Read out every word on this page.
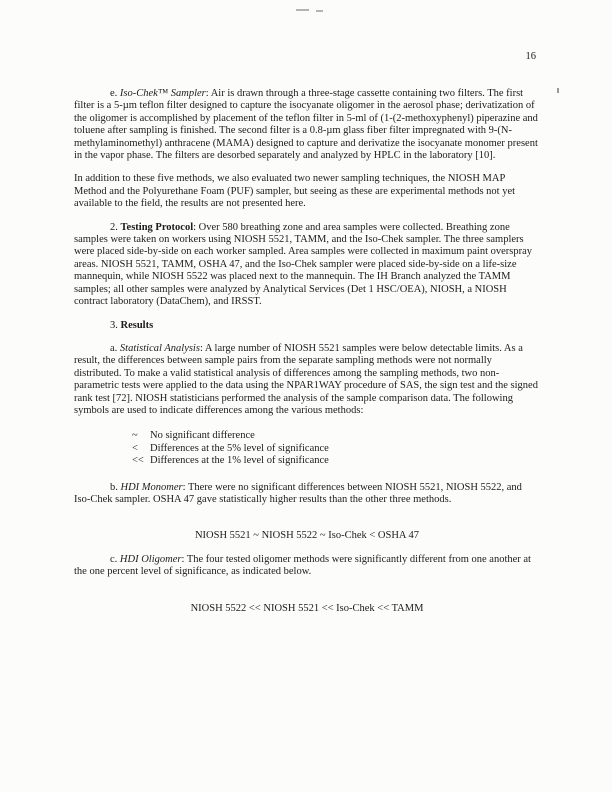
16

e. Iso-Chek™ Sampler: Air is drawn through a three-stage cassette containing two filters. The first filter is a 5-µm teflon filter designed to capture the isocyanate oligomer in the aerosol phase; derivatization of the oligomer is accomplished by placement of the teflon filter in 5-ml of (1-(2-methoxyphenyl) piperazine and toluene after sampling is finished. The second filter is a 0.8-µm glass fiber filter impregnated with 9-(N-methylaminomethyl) anthracene (MAMA) designed to capture and derivatize the isocyanate monomer present in the vapor phase. The filters are desorbed separately and analyzed by HPLC in the laboratory [10].

In addition to these five methods, we also evaluated two newer sampling techniques, the NIOSH MAP Method and the Polyurethane Foam (PUF) sampler, but seeing as these are experimental methods not yet available to the field, the results are not presented here.

2. Testing Protocol: Over 580 breathing zone and area samples were collected. Breathing zone samples were taken on workers using NIOSH 5521, TAMM, and the Iso-Chek sampler. The three samplers were placed side-by-side on each worker sampled. Area samples were collected in maximum paint overspray areas. NIOSH 5521, TAMM, OSHA 47, and the Iso-Chek sampler were placed side-by-side on a life-size mannequin, while NIOSH 5522 was placed next to the mannequin. The IH Branch analyzed the TAMM samples; all other samples were analyzed by Analytical Services (Det 1 HSC/OEA), NIOSH, a NIOSH contract laboratory (DataChem), and IRSST.

3. Results

a. Statistical Analysis: A large number of NIOSH 5521 samples were below detectable limits. As a result, the differences between sample pairs from the separate sampling methods were not normally distributed. To make a valid statistical analysis of differences among the sampling methods, two non-parametric tests were applied to the data using the NPAR1WAY procedure of SAS, the sign test and the signed rank test [72]. NIOSH statisticians performed the analysis of the sample comparison data. The following symbols are used to indicate differences among the various methods:

~	No significant difference
<	Differences at the 5% level of significance
<< Differences at the 1% level of significance

b. HDI Monomer: There were no significant differences between NIOSH 5521, NIOSH 5522, and Iso-Chek sampler. OSHA 47 gave statistically higher results than the other three methods.

NIOSH 5521 ~ NIOSH 5522 ~ Iso-Chek < OSHA 47

c. HDI Oligomer: The four tested oligomer methods were significantly different from one another at the one percent level of significance, as indicated below.

NIOSH 5522 << NIOSH 5521 << Iso-Chek << TAMM
